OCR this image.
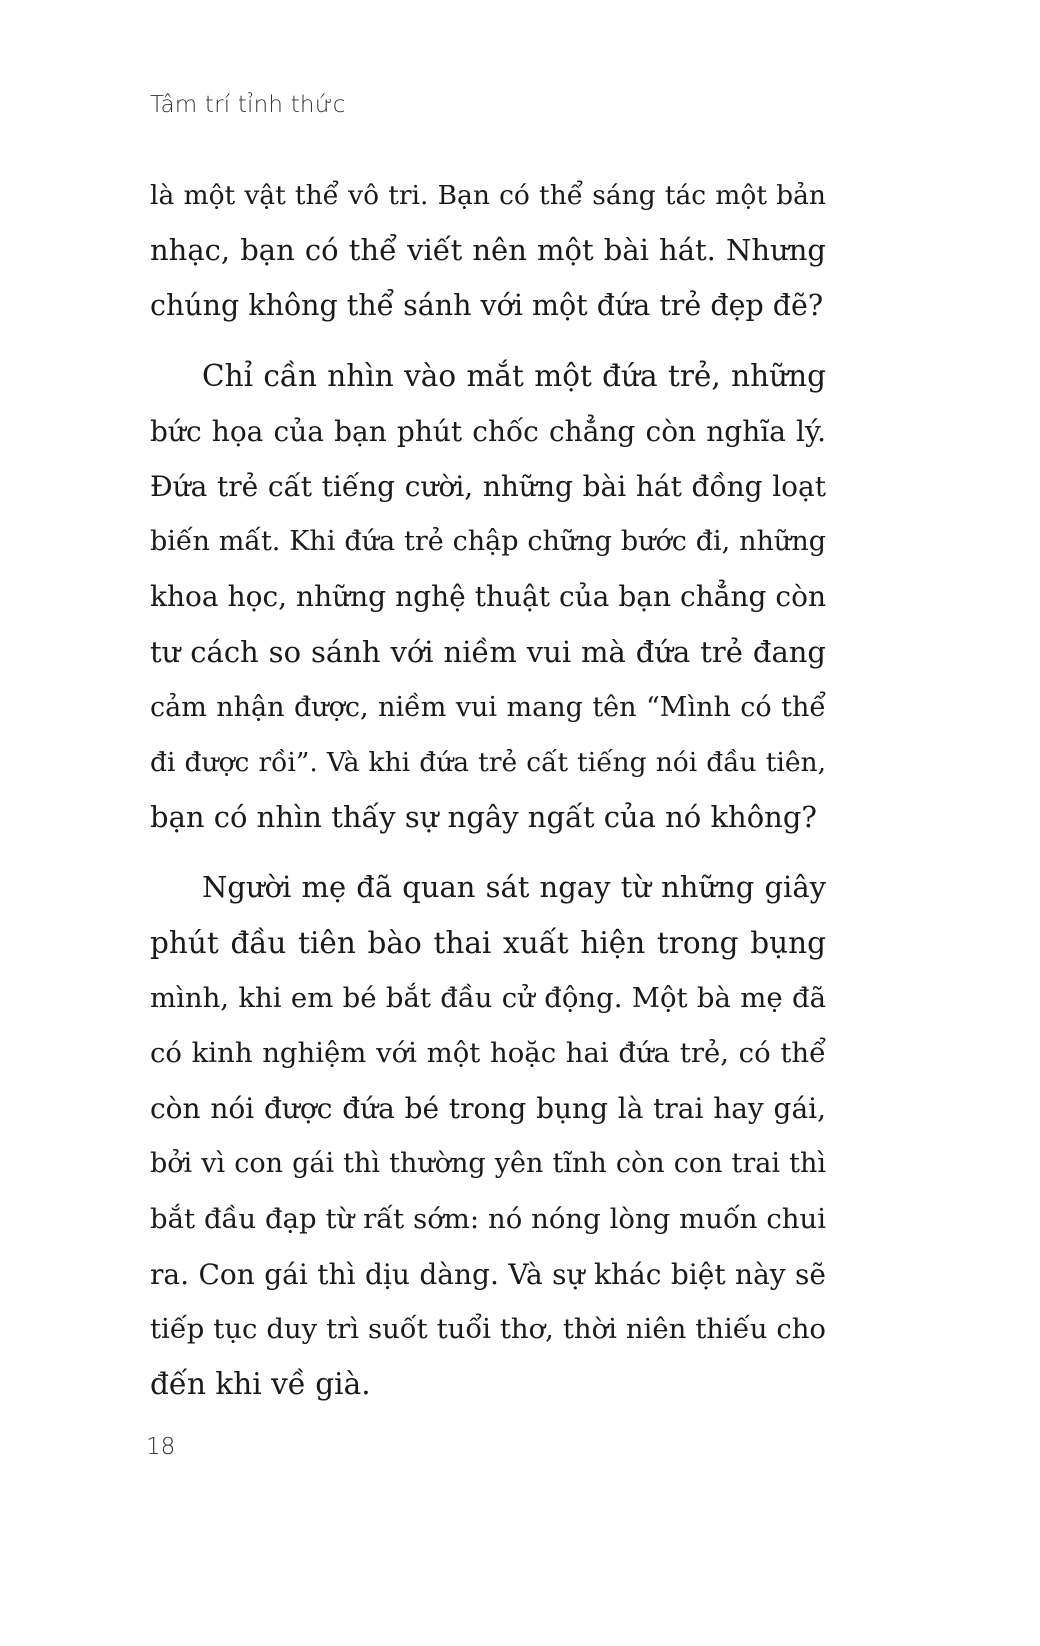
Tâm trí tỉnh thức

là một vật thể vô tri. Bạn có thể sáng tác một bản
nhạc, bạn có thể viết nên một bài hát. Nhưng
chúng không thể sánh với một đứa trẻ đẹp đẽ?

Chỉ cần nhìn vào mắt một đứa trẻ, những
bức họa của bạn phút chốc chẳng còn nghĩa lý.
Đứa trẻ cất tiếng cười, những bài hát đồng loạt
biến mất. Khi đứa trẻ chập chững bước đi, những
khoa học, những nghệ thuật của bạn chẳng còn
tư cách so sánh với niềm vui mà đứa trẻ đang
cảm nhận được, niềm vui mang tên “Mình có thể
đi được rồi”. Và khi đứa trẻ cất tiếng nói đầu tiên,
bạn có nhìn thấy sự ngây ngất của nó không?

Người mẹ đã quan sát ngay từ những giây
phút đầu tiên bào thai xuất hiện trong bụng
mình, khi em bé bắt đầu cử động. Một bà mẹ đã
có kinh nghiệm với một hoặc hai đứa trẻ, có thể
còn nói được đứa bé trong bụng là trai hay gái,
bởi vì con gái thì thường yên tĩnh còn con trai thì
bắt đầu đạp từ rất sớm: nó nóng lòng muốn chui
ra. Con gái thì dịu dàng. Và sự khác biệt này sẽ
tiếp tục duy trì suốt tuổi thơ, thời niên thiếu cho
đến khi về già.

18
